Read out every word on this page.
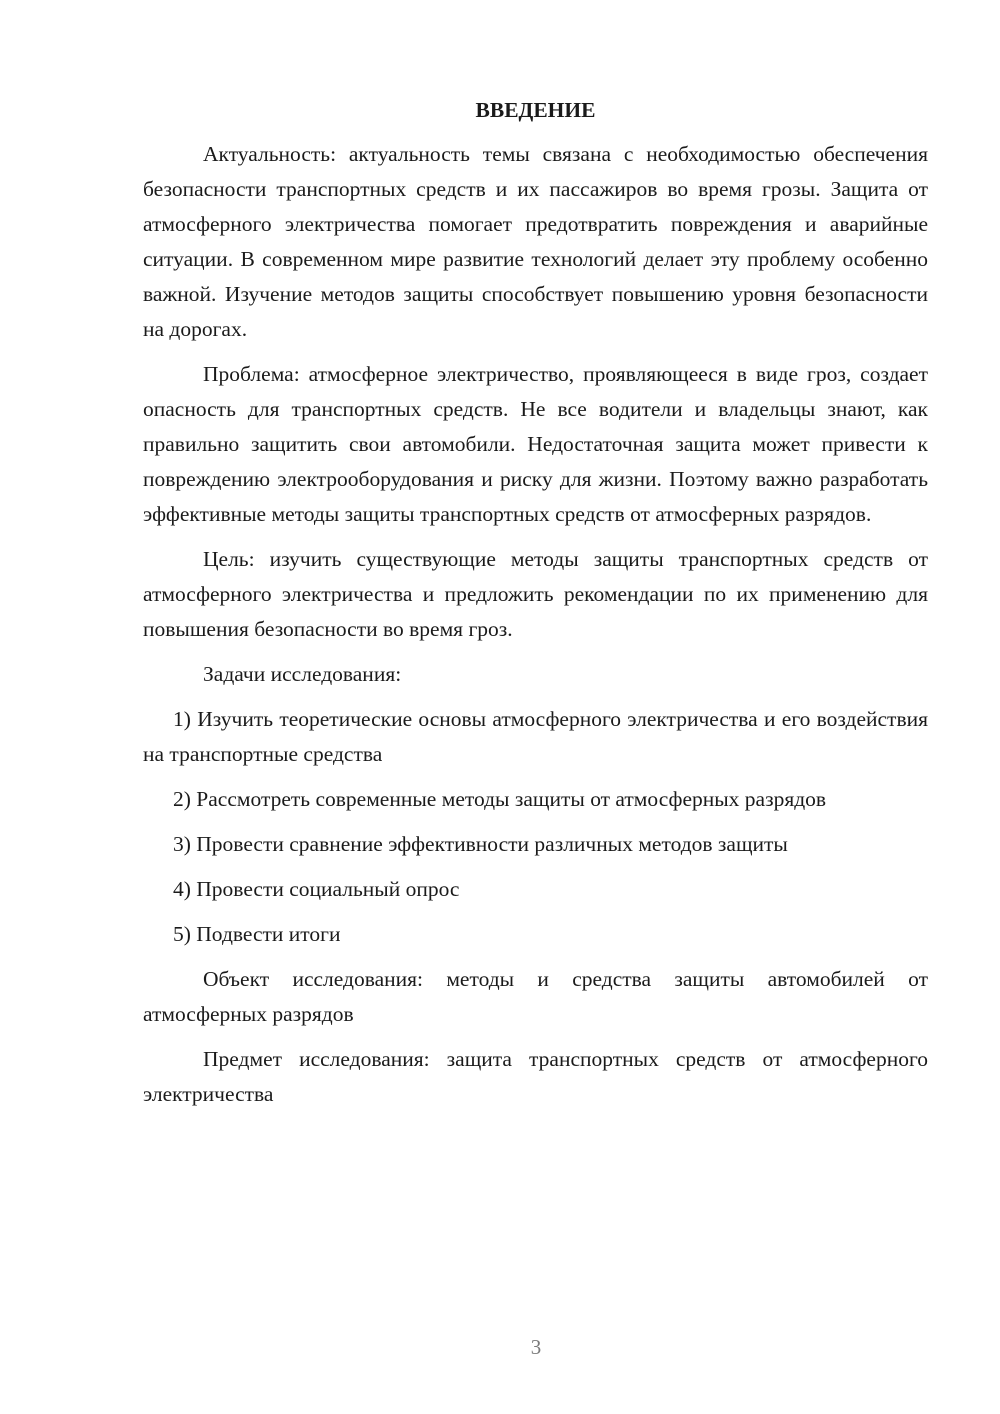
ВВЕДЕНИЕ

Актуальность: актуальность темы связана с необходимостью обеспечения безопасности транспортных средств и их пассажиров во время грозы. Защита от атмосферного электричества помогает предотвратить повреждения и аварийные ситуации. В современном мире развитие технологий делает эту проблему особенно важной. Изучение методов защиты способствует повышению уровня безопасности на дорогах.

Проблема: атмосферное электричество, проявляющееся в виде гроз, создает опасность для транспортных средств. Не все водители и владельцы знают, как правильно защитить свои автомобили. Недостаточная защита может привести к повреждению электрооборудования и риску для жизни. Поэтому важно разработать эффективные методы защиты транспортных средств от атмосферных разрядов.

Цель: изучить существующие методы защиты транспортных средств от атмосферного электричества и предложить рекомендации по их применению для повышения безопасности во время гроз.

Задачи исследования:

1) Изучить теоретические основы атмосферного электричества и его воздействия на транспортные средства

2) Рассмотреть современные методы защиты от атмосферных разрядов

3) Провести сравнение эффективности различных методов защиты

4) Провести социальный опрос

5) Подвести итоги

Объект исследования: методы и средства защиты автомобилей от атмосферных разрядов

Предмет исследования: защита транспортных средств от атмосферного электричества

3
